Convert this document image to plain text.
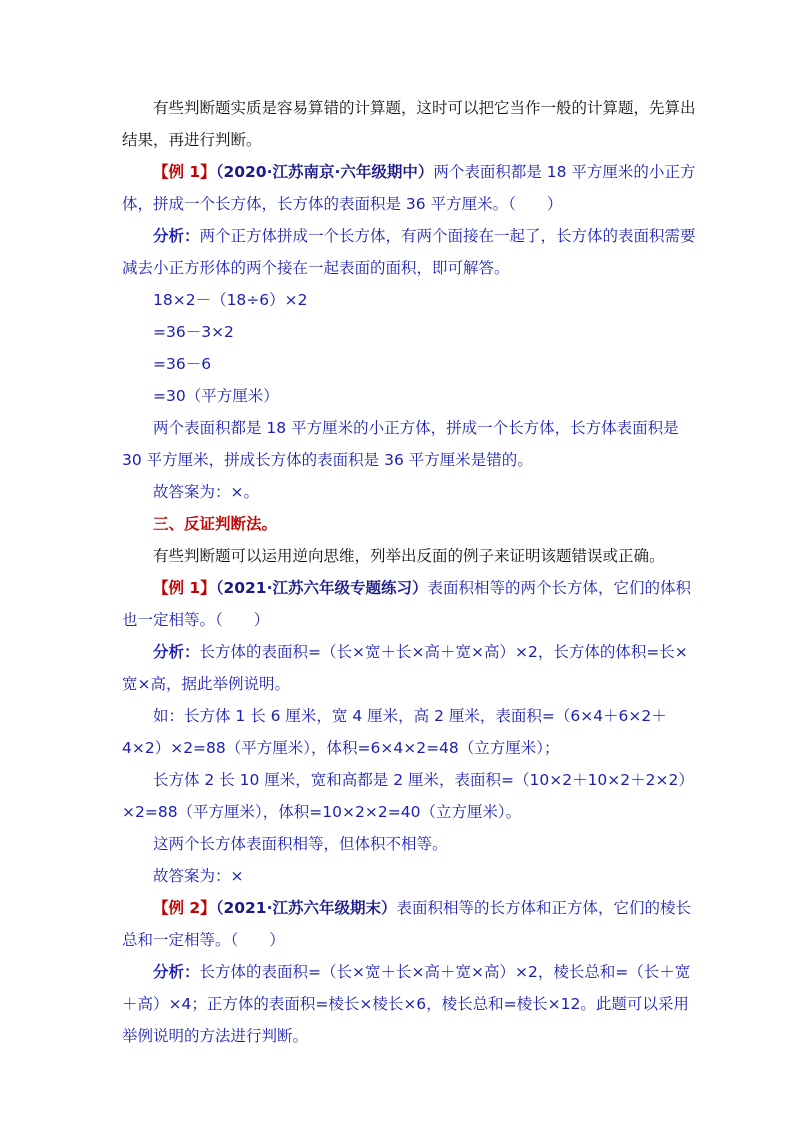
有些判断题实质是容易算错的计算题，这时可以把它当作一般的计算题，先算出结果，再进行判断。

【例 1】（2020·江苏南京·六年级期中）两个表面积都是 18 平方厘米的小正方体，拼成一个长方体，长方体的表面积是 36 平方厘米。（　　）

分析：两个正方体拼成一个长方体，有两个面接在一起了，长方体的表面积需要减去小正方形体的两个接在一起表面的面积，即可解答。

18×2－（18÷6）×2

=36－3×2

=36－6

=30（平方厘米）

两个表面积都是 18 平方厘米的小正方体，拼成一个长方体，长方体表面积是 30 平方厘米，拼成长方体的表面积是 36 平方厘米是错的。

故答案为：×。

三、反证判断法。

有些判断题可以运用逆向思维，列举出反面的例子来证明该题错误或正确。

【例 1】（2021·江苏六年级专题练习）表面积相等的两个长方体，它们的体积也一定相等。（　　）

分析：长方体的表面积=（长×宽＋长×高＋宽×高）×2，长方体的体积=长×宽×高，据此举例说明。

如：长方体 1 长 6 厘米，宽 4 厘米，高 2 厘米，表面积=（6×4＋6×2＋4×2）×2=88（平方厘米），体积=6×4×2=48（立方厘米）；

长方体 2 长 10 厘米，宽和高都是 2 厘米，表面积=（10×2＋10×2＋2×2）×2=88（平方厘米），体积=10×2×2=40（立方厘米）。

这两个长方体表面积相等，但体积不相等。

故答案为：×

【例 2】（2021·江苏六年级期末）表面积相等的长方体和正方体，它们的棱长总和一定相等。（　　）

分析：长方体的表面积=（长×宽＋长×高＋宽×高）×2，棱长总和=（长＋宽＋高）×4；正方体的表面积=棱长×棱长×6，棱长总和=棱长×12。此题可以采用举例说明的方法进行判断。
